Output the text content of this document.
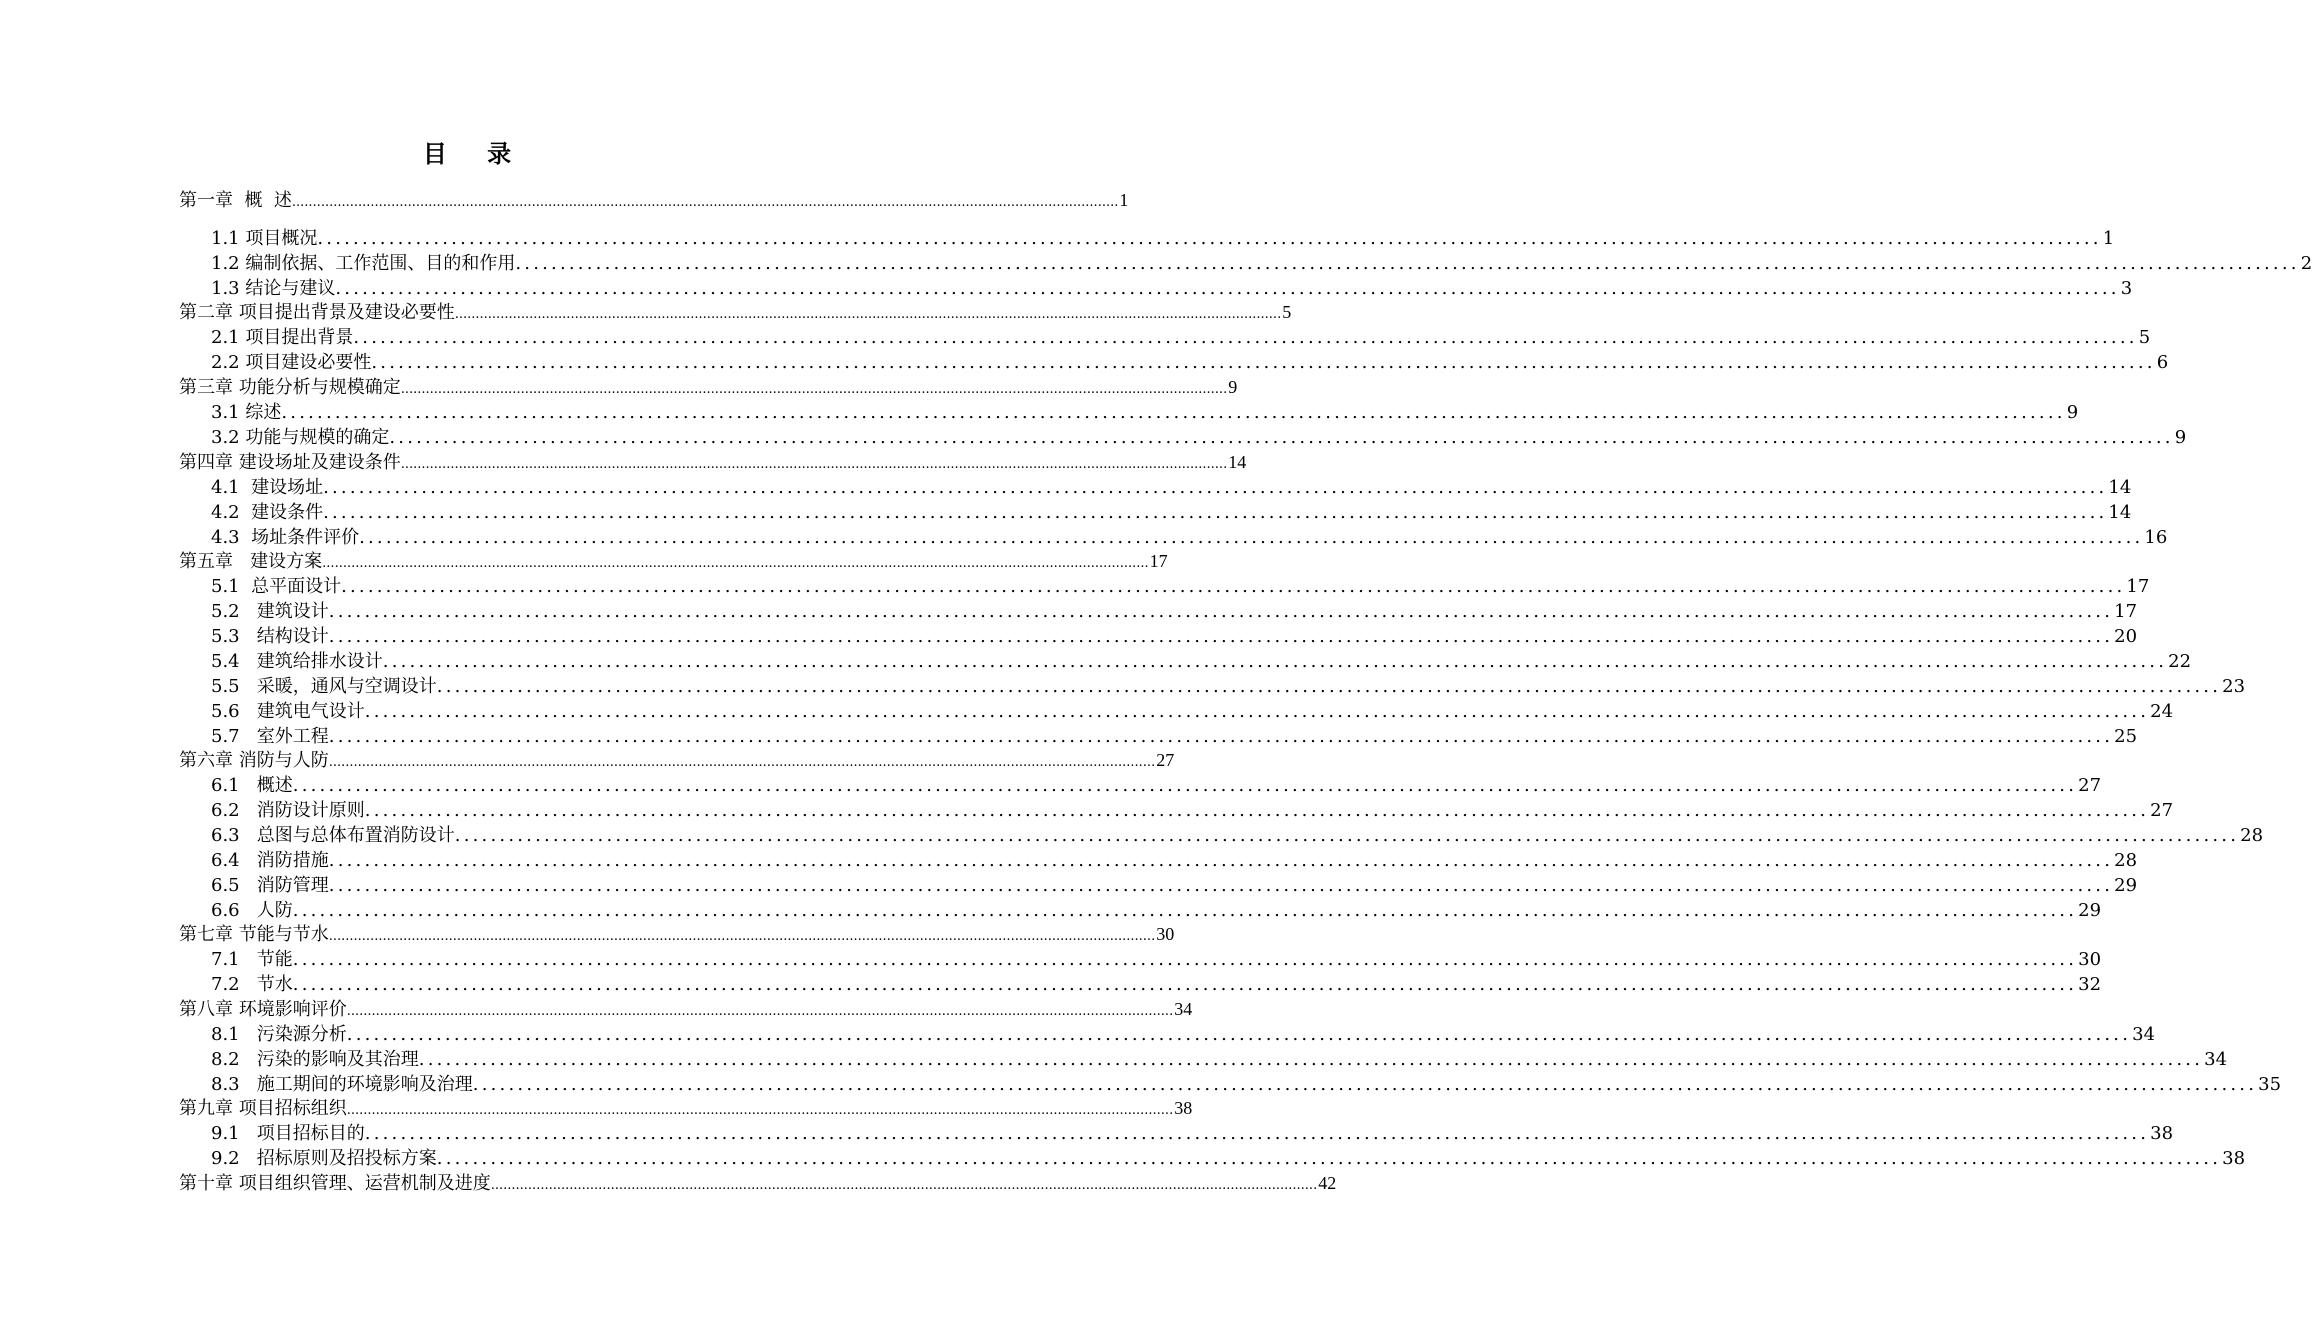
目 录
第一章  概  述 ........................................................................................................................................................................................................ 1
1.1 项目概况 ........................................................................................................................................................................................................ 1
1.2 编制依据、工作范围、目的和作用 ........................................................................................................................................................................................................ 2
1.3 结论与建议 ........................................................................................................................................................................................................ 3
第二章 项目提出背景及建设必要性 ........................................................................................................................................................................................................ 5
2.1 项目提出背景 ........................................................................................................................................................................................................ 5
2.2 项目建设必要性 ........................................................................................................................................................................................................ 6
第三章 功能分析与规模确定 ........................................................................................................................................................................................................ 9
3.1 综述 ........................................................................................................................................................................................................ 9
3.2 功能与规模的确定 ........................................................................................................................................................................................................ 9
第四章 建设场址及建设条件 ........................................................................................................................................................................................................ 14
4.1  建设场址 ........................................................................................................................................................................................................ 14
4.2  建设条件 ........................................................................................................................................................................................................ 14
4.3  场址条件评价 ........................................................................................................................................................................................................ 16
第五章   建设方案 ........................................................................................................................................................................................................ 17
5.1  总平面设计 ........................................................................................................................................................................................................ 17
5.2   建筑设计 ........................................................................................................................................................................................................ 17
5.3   结构设计 ........................................................................................................................................................................................................ 20
5.4   建筑给排水设计 ........................................................................................................................................................................................................ 22
5.5   采暖，通风与空调设计 ........................................................................................................................................................................................................ 23
5.6   建筑电气设计 ........................................................................................................................................................................................................ 24
5.7   室外工程 ........................................................................................................................................................................................................ 25
第六章 消防与人防 ........................................................................................................................................................................................................ 27
6.1   概述 ........................................................................................................................................................................................................ 27
6.2   消防设计原则 ........................................................................................................................................................................................................ 27
6.3   总图与总体布置消防设计 ........................................................................................................................................................................................................ 28
6.4   消防措施 ........................................................................................................................................................................................................ 28
6.5   消防管理 ........................................................................................................................................................................................................ 29
6.6   人防 ........................................................................................................................................................................................................ 29
第七章 节能与节水 ........................................................................................................................................................................................................ 30
7.1   节能 ........................................................................................................................................................................................................ 30
7.2   节水 ........................................................................................................................................................................................................ 32
第八章 环境影响评价 ........................................................................................................................................................................................................ 34
8.1   污染源分析 ........................................................................................................................................................................................................ 34
8.2   污染的影响及其治理 ........................................................................................................................................................................................................ 34
8.3   施工期间的环境影响及治理 ........................................................................................................................................................................................................ 35
第九章 项目招标组织 ........................................................................................................................................................................................................ 38
9.1   项目招标目的 ........................................................................................................................................................................................................ 38
9.2   招标原则及招投标方案 ........................................................................................................................................................................................................ 38
第十章 项目组织管理、运营机制及进度 ........................................................................................................................................................................................................ 42
